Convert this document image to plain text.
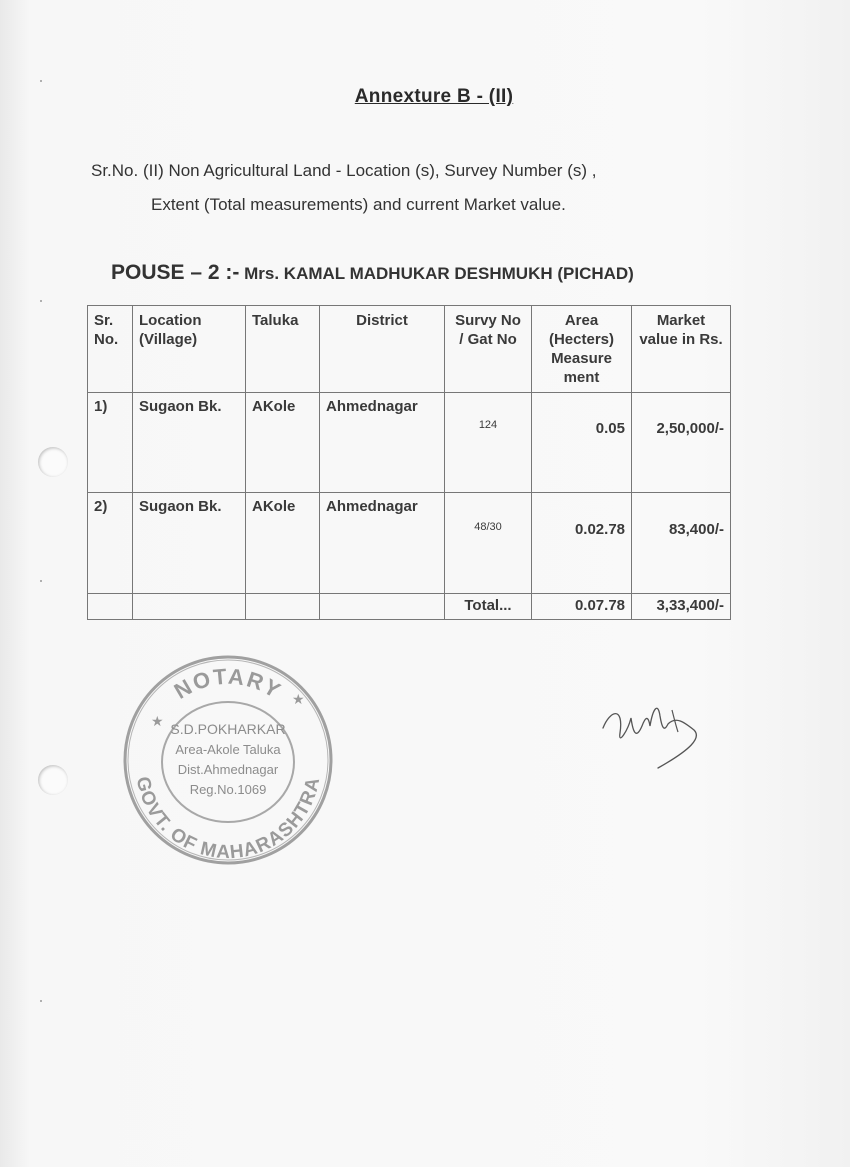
Annexture B - (II)
Sr.No. (II) Non Agricultural Land - Location (s), Survey Number (s) ,
Extent (Total measurements) and current Market value.
POUSE – 2 :- Mrs. KAMAL MADHUKAR DESHMUKH (PICHAD)
Sr. No.	Location (Village)	Taluka	District	Survy No / Gat No	Area (Hecters) Measure ment	Market value in Rs.
1)	Sugaon Bk.	AKole	Ahmednagar	124	0.05	2,50,000/-
2)	Sugaon Bk.	AKole	Ahmednagar	48/30	0.02.78	83,400/-
				Total...	0.07.78	3,33,400/-
NOTARY
GOVT. OF MAHARASHTRA
★
★
S.D.POKHARKAR
Area-Akole Taluka
Dist.Ahmednagar
Reg.No.1069
